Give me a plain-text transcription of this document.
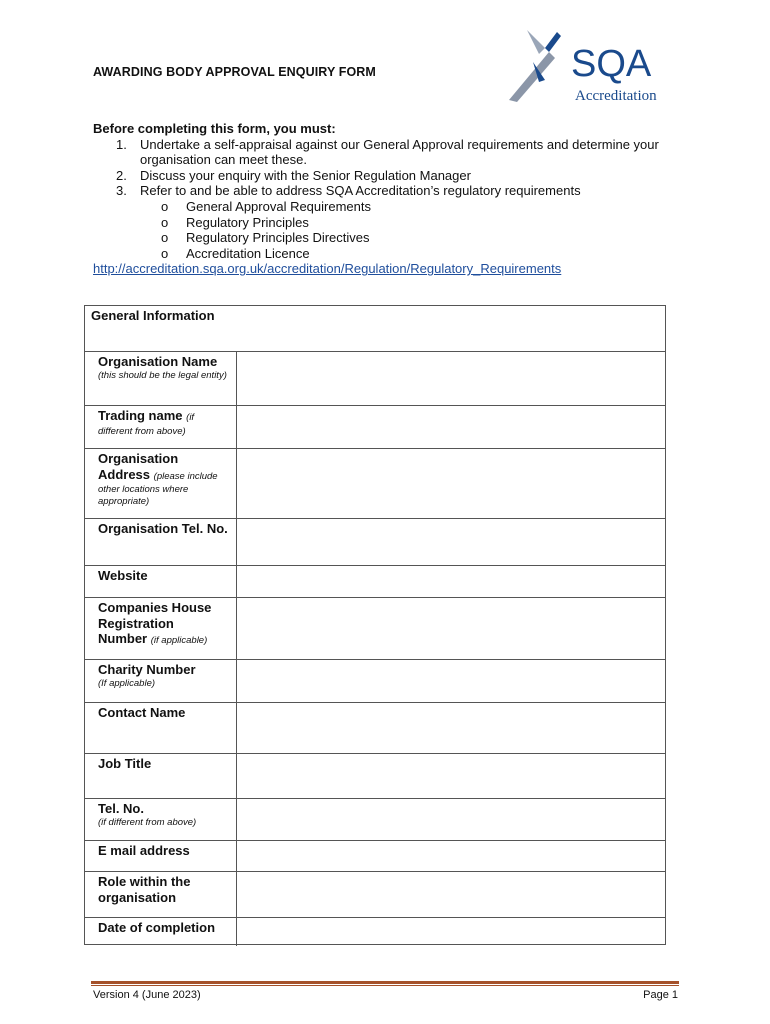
AWARDING BODY APPROVAL ENQUIRY FORM	SQA
Accreditation
Before completing this form, you must:
1. Undertake a self-appraisal against our General Approval requirements and determine your organisation can meet these.
2. Discuss your enquiry with the Senior Regulation Manager
3. Refer to and be able to address SQA Accreditation’s regulatory requirements
o General Approval Requirements
o Regulatory Principles
o Regulatory Principles Directives
o Accreditation Licence
http://accreditation.sqa.org.uk/accreditation/Regulation/Regulatory_Requirements
General Information
Organisation Name
(this should be the legal entity)
Trading name (if
different from above)
Organisation
Address (please include
other locations where appropriate)
Organisation Tel. No.
Website
Companies House
Registration
Number (if applicable)
Charity Number
(If applicable)
Contact Name
Job Title
Tel. No.
(if different from above)
E mail address
Role within the organisation
Date of completion
Version 4 (June 2023)	Page 1
